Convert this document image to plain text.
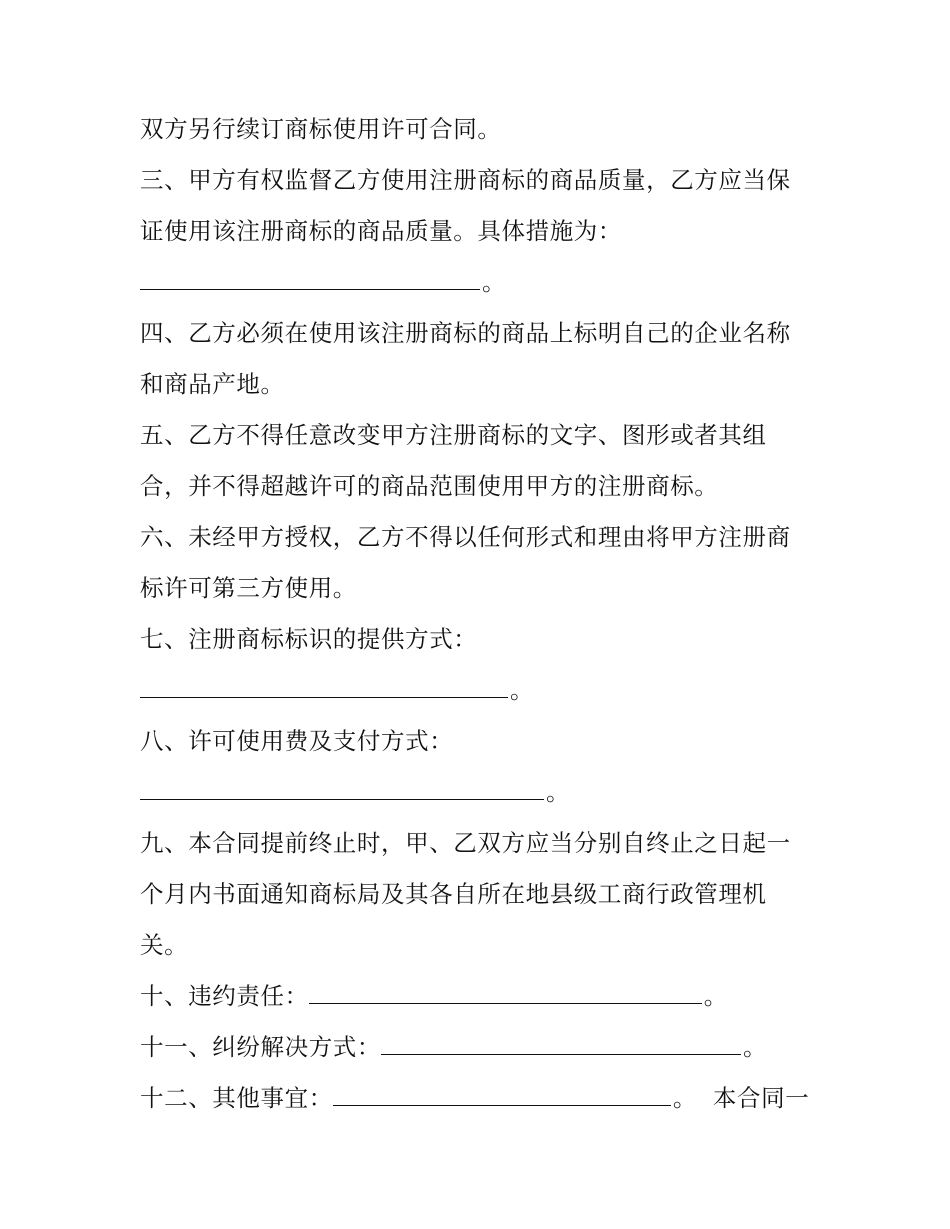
双方另行续订商标使用许可合同。
三、甲方有权监督乙方使用注册商标的商品质量，乙方应当保
证使用该注册商标的商品质量。具体措施为：
。
四、乙方必须在使用该注册商标的商品上标明自己的企业名称
和商品产地。
五、乙方不得任意改变甲方注册商标的文字、图形或者其组
合，并不得超越许可的商品范围使用甲方的注册商标。
六、未经甲方授权，乙方不得以任何形式和理由将甲方注册商
标许可第三方使用。
七、注册商标标识的提供方式：
。
八、许可使用费及支付方式：
。
九、本合同提前终止时，甲、乙双方应当分别自终止之日起一
个月内书面通知商标局及其各自所在地县级工商行政管理机
关。
十、违约责任：	。
十一、纠纷解决方式：	。
十二、其他事宜：	。 本合同一
